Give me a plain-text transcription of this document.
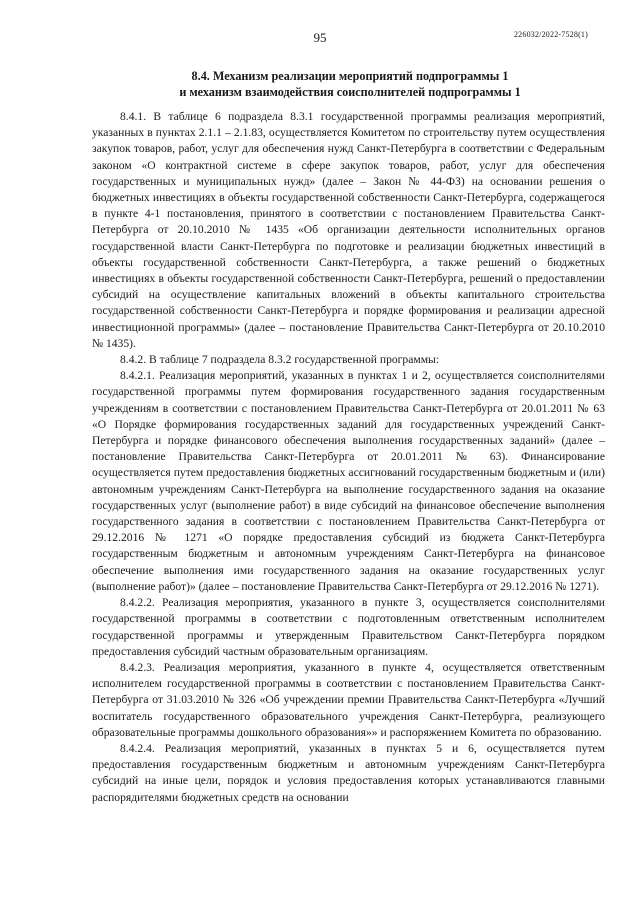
95	226032/2022-7528(1)
8.4. Механизм реализации мероприятий подпрограммы 1
и механизм взаимодействия соисполнителей подпрограммы 1

8.4.1. В таблице 6 подраздела 8.3.1 государственной программы реализация мероприятий, указанных в пунктах 2.1.1 – 2.1.83, осуществляется Комитетом по строительству путем осуществления закупок товаров, работ, услуг для обеспечения нужд Санкт-Петербурга в соответствии с Федеральным законом «О контрактной системе в сфере закупок товаров, работ, услуг для обеспечения государственных и муниципальных нужд» (далее – Закон № 44-ФЗ) на основании решения о бюджетных инвестициях в объекты государственной собственности Санкт-Петербурга, содержащегося в пункте 4-1 постановления, принятого в соответствии с постановлением Правительства Санкт-Петербурга от 20.10.2010 № 1435 «Об организации деятельности исполнительных органов государственной власти Санкт-Петербурга по подготовке и реализации бюджетных инвестиций в объекты государственной собственности Санкт-Петербурга, а также решений о бюджетных инвестициях в объекты государственной собственности Санкт-Петербурга, решений о предоставлении субсидий на осуществление капитальных вложений в объекты капитального строительства государственной собственности Санкт-Петербурга и порядке формирования и реализации адресной инвестиционной программы» (далее – постановление Правительства Санкт-Петербурга от 20.10.2010 № 1435).

8.4.2. В таблице 7 подраздела 8.3.2 государственной программы:

8.4.2.1. Реализация мероприятий, указанных в пунктах 1 и 2, осуществляется соисполнителями государственной программы путем формирования государственного задания государственным учреждениям в соответствии с постановлением Правительства Санкт-Петербурга от 20.01.2011 № 63 «О Порядке формирования государственных заданий для государственных учреждений Санкт-Петербурга и порядке финансового обеспечения выполнения государственных заданий» (далее – постановление Правительства Санкт-Петербурга от 20.01.2011 № 63). Финансирование осуществляется путем предоставления бюджетных ассигнований государственным бюджетным и (или) автономным учреждениям Санкт-Петербурга на выполнение государственного задания на оказание государственных услуг (выполнение работ) в виде субсидий на финансовое обеспечение выполнения государственного задания в соответствии с постановлением Правительства Санкт-Петербурга от 29.12.2016 № 1271 «О порядке предоставления субсидий из бюджета Санкт-Петербурга государственным бюджетным и автономным учреждениям Санкт-Петербурга на финансовое обеспечение выполнения ими государственного задания на оказание государственных услуг (выполнение работ)» (далее – постановление Правительства Санкт-Петербурга от 29.12.2016 № 1271).

8.4.2.2. Реализация мероприятия, указанного в пункте 3, осуществляется соисполнителями государственной программы в соответствии с подготовленным ответственным исполнителем государственной программы и утвержденным Правительством Санкт-Петербурга порядком предоставления субсидий частным образовательным организациям.

8.4.2.3. Реализация мероприятия, указанного в пункте 4, осуществляется ответственным исполнителем государственной программы в соответствии с постановлением Правительства Санкт-Петербурга от 31.03.2010 № 326 «Об учреждении премии Правительства Санкт-Петербурга «Лучший воспитатель государственного образовательного учреждения Санкт-Петербурга, реализующего образовательные программы дошкольного образования»» и распоряжением Комитета по образованию.

8.4.2.4. Реализация мероприятий, указанных в пунктах 5 и 6, осуществляется путем предоставления государственным бюджетным и автономным учреждениям Санкт-Петербурга субсидий на иные цели, порядок и условия предоставления которых устанавливаются главными распорядителями бюджетных средств на основании
